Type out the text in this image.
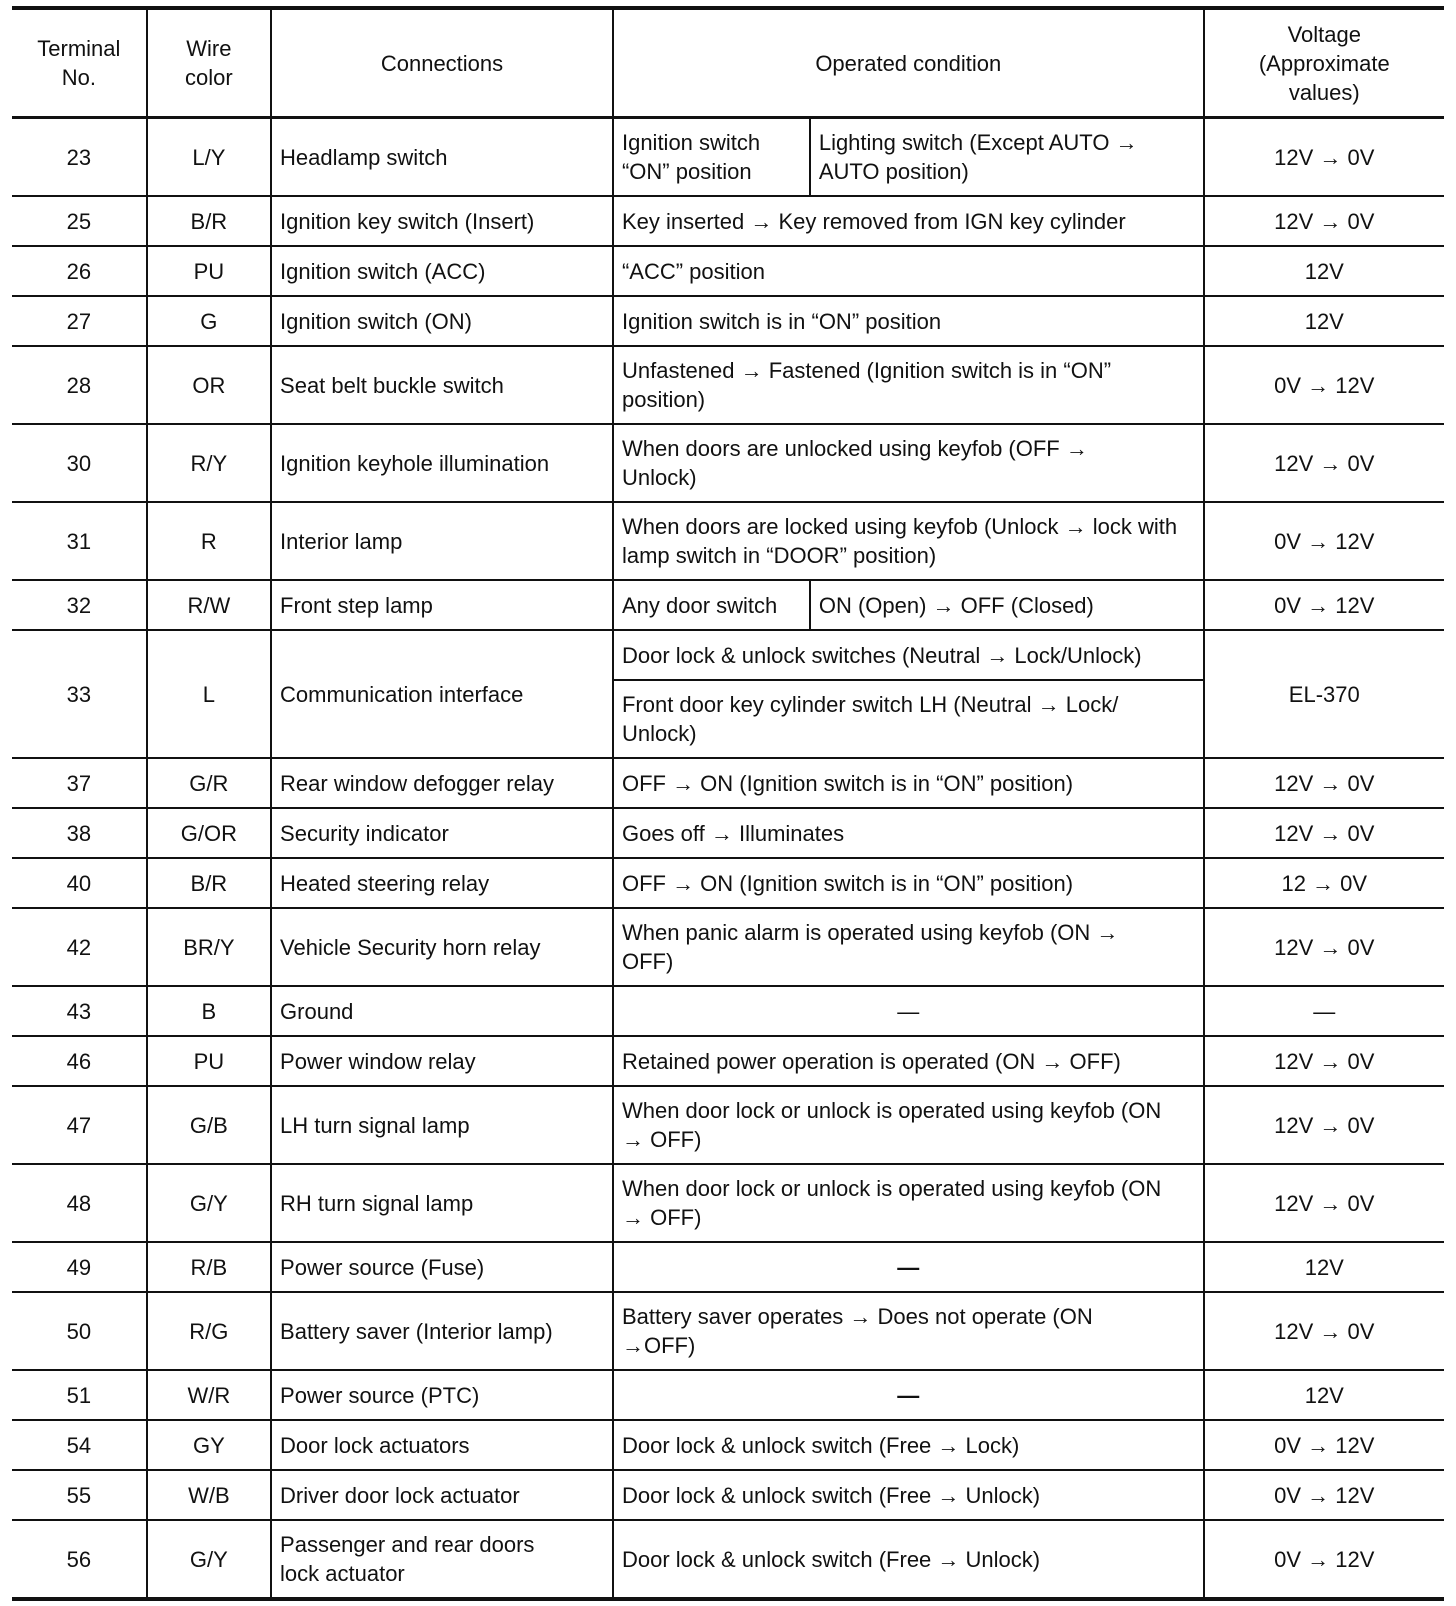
Terminal No.	Wire color	Connections	Operated condition		Voltage (Approximate values)
23	L/Y	Headlamp switch	Ignition switch “ON” position	Lighting switch (Except AUTO → AUTO position)	12V → 0V
25	B/R	Ignition key switch (Insert)	Key inserted → Key removed from IGN key cylinder		12V → 0V
26	PU	Ignition switch (ACC)	“ACC” position		12V
27	G	Ignition switch (ON)	Ignition switch is in “ON” position		12V
28	OR	Seat belt buckle switch	Unfastened → Fastened (Ignition switch is in “ON” position)		0V → 12V
30	R/Y	Ignition keyhole illumination	When doors are unlocked using keyfob (OFF → Unlock)		12V → 0V
31	R	Interior lamp	When doors are locked using keyfob (Unlock → lock with lamp switch in “DOOR” position)		0V → 12V
32	R/W	Front step lamp	Any door switch	ON (Open) → OFF (Closed)	0V → 12V
33	L	Communication interface	Door lock & unlock switches (Neutral → Lock/Unlock)		EL-370
			Front door key cylinder switch LH (Neutral → Lock/ Unlock)		
37	G/R	Rear window defogger relay	OFF → ON (Ignition switch is in “ON” position)		12V → 0V
38	G/OR	Security indicator	Goes off → Illuminates		12V → 0V
40	B/R	Heated steering relay	OFF → ON (Ignition switch is in “ON” position)		12 → 0V
42	BR/Y	Vehicle Security horn relay	When panic alarm is operated using keyfob (ON → OFF)		12V → 0V
43	B	Ground	—		—
46	PU	Power window relay	Retained power operation is operated (ON → OFF)		12V → 0V
47	G/B	LH turn signal lamp	When door lock or unlock is operated using keyfob (ON → OFF)		12V → 0V
48	G/Y	RH turn signal lamp	When door lock or unlock is operated using keyfob (ON → OFF)		12V → 0V
49	R/B	Power source (Fuse)	—		12V
50	R/G	Battery saver (Interior lamp)	Battery saver operates → Does not operate (ON →OFF)		12V → 0V
51	W/R	Power source (PTC)	—		12V
54	GY	Door lock actuators	Door lock & unlock switch (Free → Lock)		0V → 12V
55	W/B	Driver door lock actuator	Door lock & unlock switch (Free → Unlock)		0V → 12V
56	G/Y	Passenger and rear doors lock actuator	Door lock & unlock switch (Free → Unlock)		0V → 12V
